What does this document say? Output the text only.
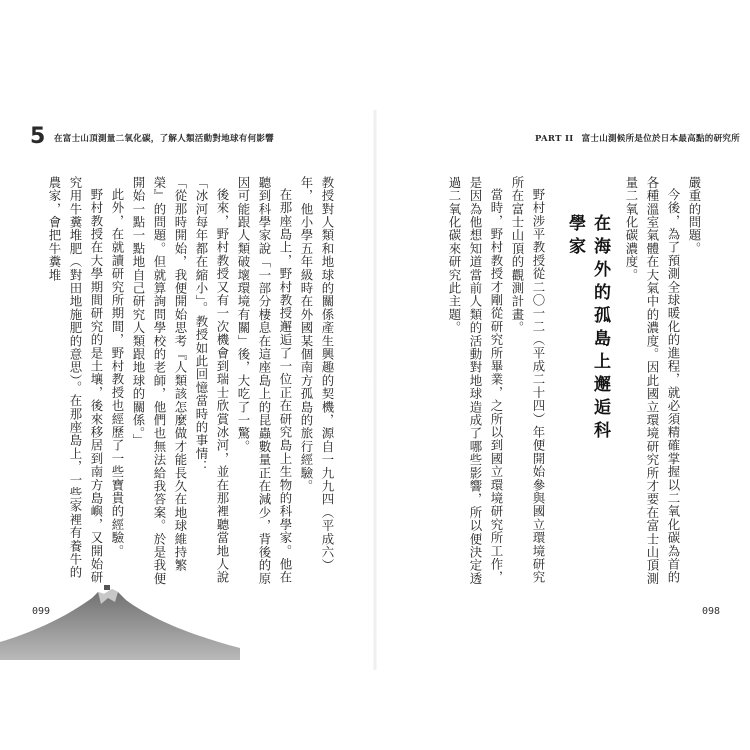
5 在富士山頂測量二氧化碳，了解人類活動對地球有何影響

教授對人類和地球的關係產生興趣的契機，源自一九九四（平成六）年，他小學五年級時在外國某個南方孤島的旅行經驗。

在那座島上，野村教授邂逅了一位正在研究島上生物的科學家。他在聽到科學家說「一部分棲息在這座島上的昆蟲數量正在減少，背後的原因可能跟人類破壞環境有關」後，大吃了一驚。

後來，野村教授又有一次機會到瑞士欣賞冰河，並在那裡聽當地人說「冰河每年都在縮小」。教授如此回憶當時的事情：

「從那時開始，我便開始思考『人類該怎麼做才能長久在地球維持繁榮』的問題。但就算詢問學校的老師，他們也無法給我答案。於是我便開始一點一點地自己研究人類跟地球的關係。」

此外，在就讀研究所期間，野村教授也經歷了一些寶貴的經驗。

野村教授在大學期間研究的是土壤，後來移居到南方島嶼，又開始研究用牛糞堆肥（對田地施肥的意思）。在那座島上，一些家裡有養牛的農家，會把牛糞堆

099
PART II 富士山測候所是位於日本最高點的研究所

嚴重的問題。

今後，為了預測全球暖化的進程，就必須精確掌握以二氧化碳為首的各種溫室氣體在大氣中的濃度。因此國立環境研究所才要在富士山頂測量二氧化碳濃度。

在海外的孤島上邂逅科學家

野村涉平教授從二〇一二（平成二十四）年便開始參與國立環境研究所在富士山頂的觀測計畫。

當時，野村教授才剛從研究所畢業，之所以到國立環境研究所工作，是因為他想知道當前人類的活動對地球造成了哪些影響，所以便決定透過二氧化碳來研究此主題。

098
